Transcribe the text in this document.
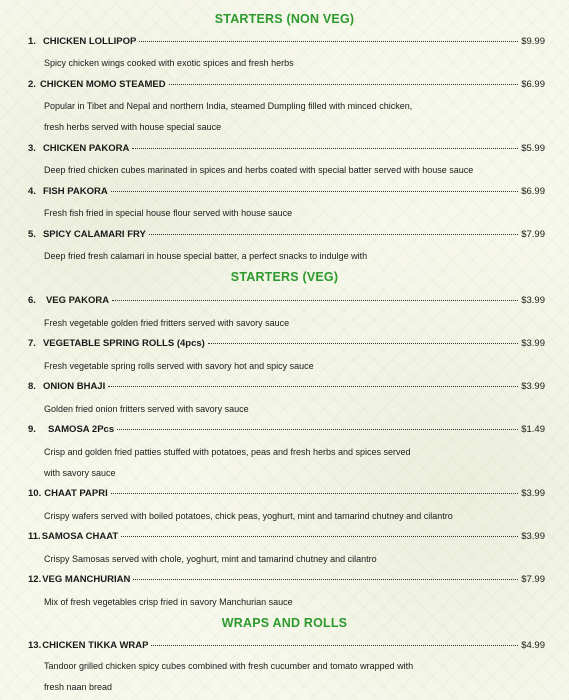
STARTERS (NON VEG)
1. CHICKEN LOLLIPOP	$9.99
Spicy chicken wings cooked with exotic spices and fresh herbs
2. CHICKEN MOMO STEAMED	$6.99
Popular in Tibet and Nepal and northern India, steamed Dumpling filled with minced chicken,
fresh herbs served with house special sauce
3. CHICKEN PAKORA	$5.99
Deep fried chicken cubes marinated in spices and herbs coated with special batter served with house sauce
4. FISH PAKORA	$6.99
Fresh fish fried in special house flour served with house sauce
5. SPICY CALAMARI FRY	$7.99
Deep fried fresh calamari in house special batter, a perfect snacks to indulge with
STARTERS (VEG)
6. VEG PAKORA	$3.99
Fresh vegetable golden fried fritters served with savory sauce
7. VEGETABLE SPRING ROLLS (4pcs)	$3.99
Fresh vegetable spring rolls served with savory hot and spicy sauce
8. ONION BHAJI	$3.99
Golden fried onion fritters served with savory sauce
9. SAMOSA 2Pcs	$1.49
Crisp and golden fried patties stuffed with potatoes, peas and fresh herbs and spices served
with savory sauce
10. CHAAT PAPRI	$3.99
Crispy wafers served with boiled potatoes, chick peas, yoghurt, mint and tamarind chutney and cilantro
11. SAMOSA CHAAT	$3.99
Crispy Samosas served with chole, yoghurt, mint and tamarind chutney and cilantro
12. VEG MANCHURIAN	$7.99
Mix of fresh vegetables crisp fried in savory Manchurian sauce
WRAPS AND ROLLS
13. CHICKEN TIKKA WRAP	$4.99
Tandoor grilled chicken spicy cubes combined with fresh cucumber and tomato wrapped with
fresh naan bread
